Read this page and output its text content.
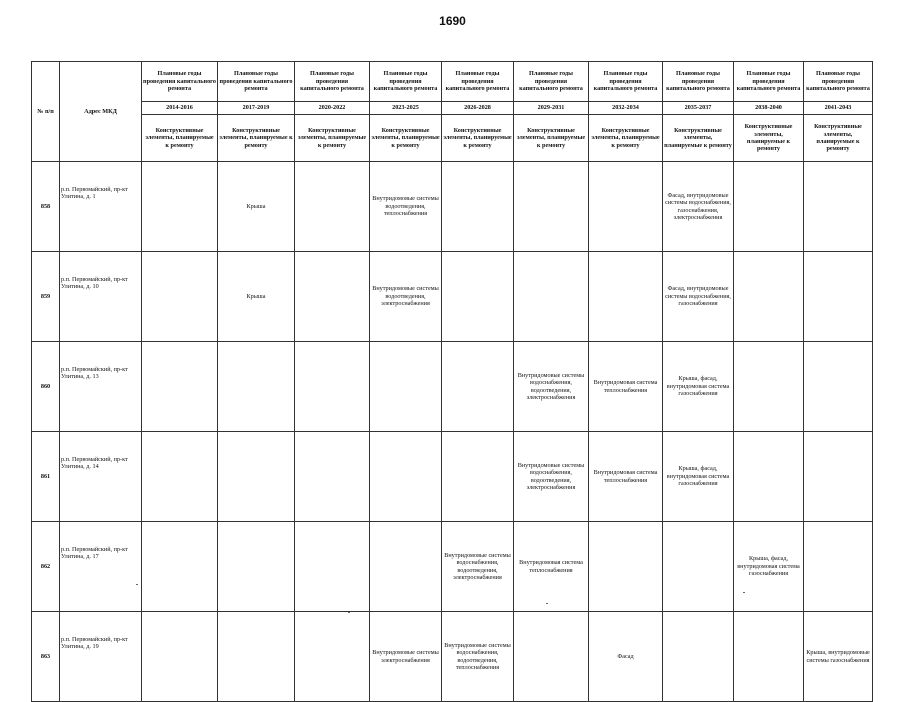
1690
№ п/п	Адрес МКД	Плановые годы проведения капитального ремонта	Плановые годы проведения капитального ремонта	Плановые годы проведения капитального ремонта	Плановые годы проведения капитального ремонта	Плановые годы проведения капитального ремонта	Плановые годы проведения капитального ремонта	Плановые годы проведения капитального ремонта	Плановые годы проведения капитального ремонта	Плановые годы проведения капитального ремонта	Плановые годы проведения капитального ремонта
		2014-2016	2017-2019	2020-2022	2023-2025	2026-2028	2029-2031	2032-2034	2035-2037	2038-2040	2041-2043
		Конструктивные элементы, планируемые к ремонту	Конструктивные элементы, планируемые к ремонту	Конструктивные элементы, планируемые к ремонту	Конструктивные элементы, планируемые к ремонту	Конструктивные элементы, планируемые к ремонту	Конструктивные элементы, планируемые к ремонту	Конструктивные элементы, планируемые к ремонту	Конструктивные элементы, планируемые к ремонту	Конструктивные элементы, планируемые к ремонту	Конструктивные элементы, планируемые к ремонту
858	р.п. Первомайский, пр-кт Улитина, д. 1		Крыша		Внутридомовые системы водоотведения, теплоснабжения				Фасад, внутридомовые системы водоснабжения, газоснабжения, электроснабжения		
859	р.п. Первомайский, пр-кт Улитина, д. 10		Крыша		Внутридомовые системы водоотведения, электроснабжения				Фасад, внутридомовые системы водоснабжения, газоснабжения		
860	р.п. Первомайский, пр-кт Улитина, д. 13						Внутридомовые системы водоснабжения, водоотведения, электроснабжения	Внутридомовая система теплоснабжения	Крыша, фасад, внутридомовая система газоснабжения		
861	р.п. Первомайский, пр-кт Улитина, д. 14						Внутридомовые системы водоснабжения, водоотведения, электроснабжения	Внутридомовая система теплоснабжения	Крыша, фасад, внутридомовая система газоснабжения		
862	р.п. Первомайский, пр-кт Улитина, д. 17					Внутридомовые системы водоснабжения, водоотведения, электроснабжения	Внутридомовая система теплоснабжения			Крыша, фасад, внутридомовая система газоснабжения	
863	р.п. Первомайский, пр-кт Улитина, д. 19				Внутридомовые системы электроснабжения	Внутридомовые системы водоснабжения, водоотведения, теплоснабжения		Фасад			Крыша, внутридомовые системы газоснабжения
